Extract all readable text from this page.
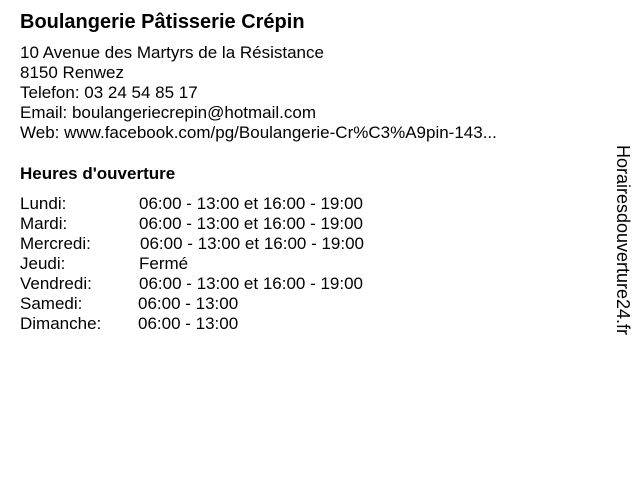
Boulangerie Pâtisserie Crépin
10 Avenue des Martyrs de la Résistance
8150 Renwez
Telefon: 03 24 54 85 17
Email: boulangeriecrepin@hotmail.com
Web: www.facebook.com/pg/Boulangerie-Cr%C3%A9pin-143...
Heures d'ouverture
Lundi:	06:00 - 13:00 et 16:00 - 19:00
Mardi:	06:00 - 13:00 et 16:00 - 19:00
Mercredi:	06:00 - 13:00 et 16:00 - 19:00
Jeudi:	Fermé
Vendredi:	06:00 - 13:00 et 16:00 - 19:00
Samedi:	06:00 - 13:00
Dimanche: 06:00 - 13:00	Horairesdouverture24.fr
